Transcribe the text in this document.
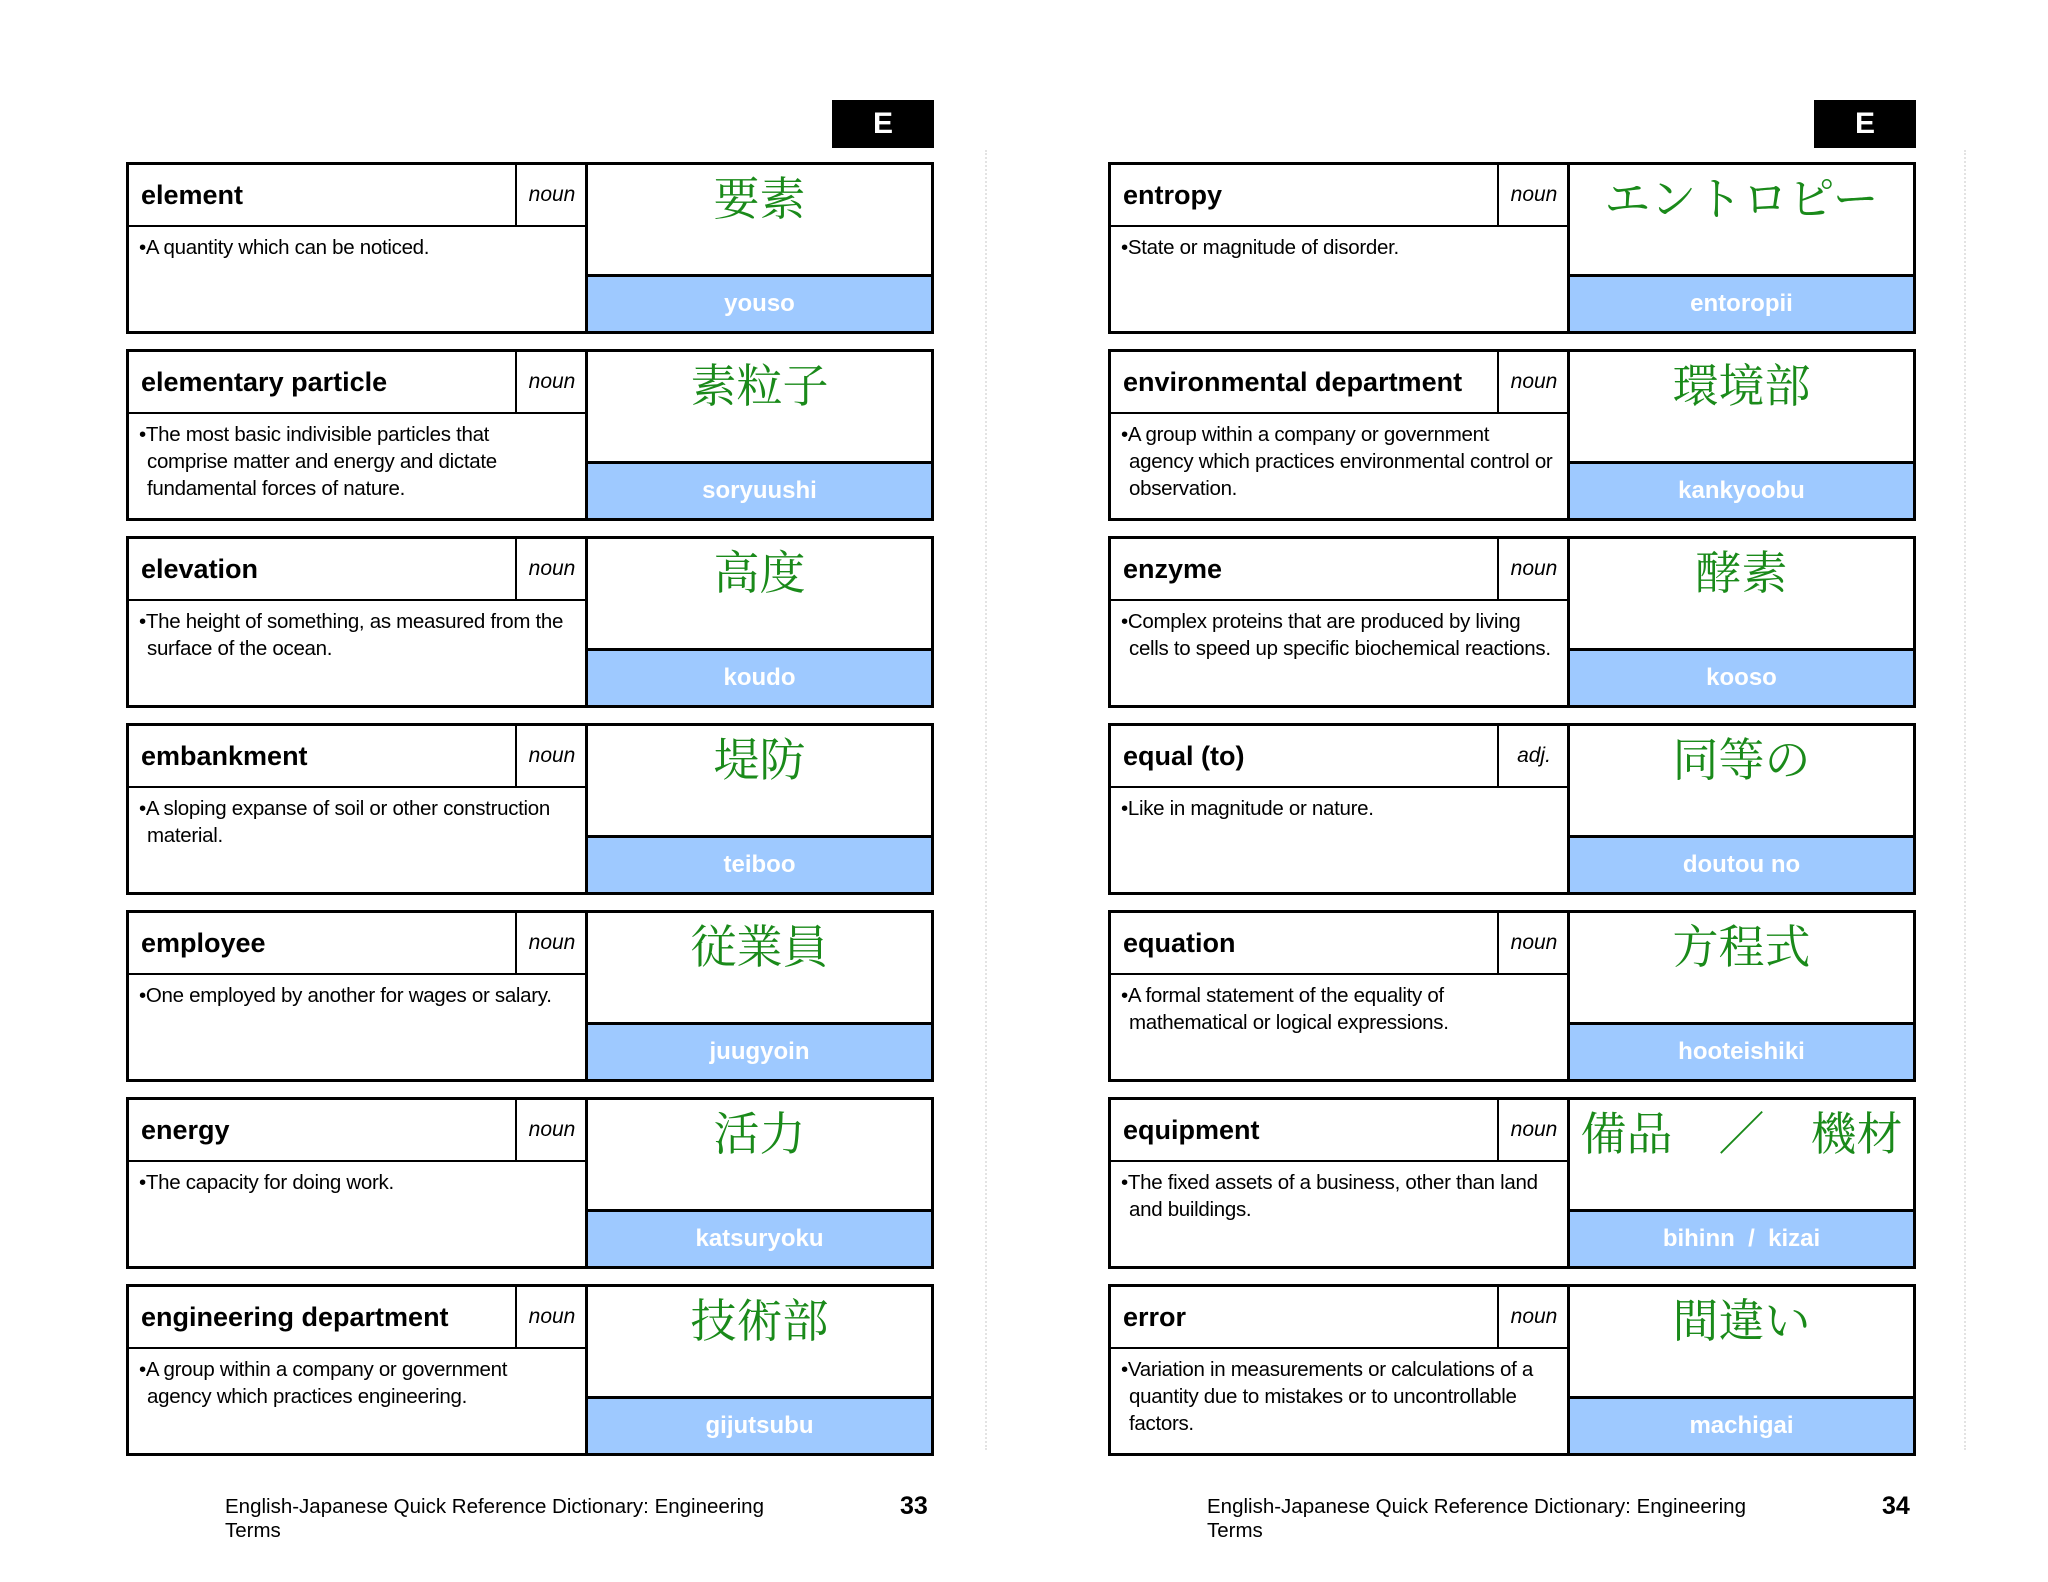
E
element	noun
•A quantity which can be noticed.
要素
youso
elementary particle	noun
•The most basic indivisible particles that comprise matter and energy and dictate fundamental forces of nature.
素粒子
soryuushi
elevation	noun
•The height of something, as measured from the surface of the ocean.
高度
koudo
embankment	noun
•A sloping expanse of soil or other construction material.
堤防
teiboo
employee	noun
•One employed by another for wages or salary.
従業員
juugyoin
energy	noun
•The capacity for doing work.
活力
katsuryoku
engineering department	noun
•A group within a company or government agency which practices engineering.
技術部
gijutsubu
English-Japanese Quick Reference Dictionary: Engineering Terms
33
E
entropy	noun
•State or magnitude of disorder.
エントロピー
entoropii
environmental department	noun
•A group within a company or government agency which practices environmental control or observation.
環境部
kankyoobu
enzyme	noun
•Complex proteins that are produced by living cells to speed up specific biochemical reactions.
酵素
kooso
equal (to)	adj.
•Like in magnitude or nature.
同等の
doutou no
equation	noun
•A formal statement of the equality of mathematical or logical expressions.
方程式
hooteishiki
equipment	noun
•The fixed assets of a business, other than land and buildings.
備品　／　機材
bihinn  /  kizai
error	noun
•Variation in measurements or calculations of a quantity due to mistakes or to uncontrollable factors.
間違い
machigai
English-Japanese Quick Reference Dictionary: Engineering Terms
34
